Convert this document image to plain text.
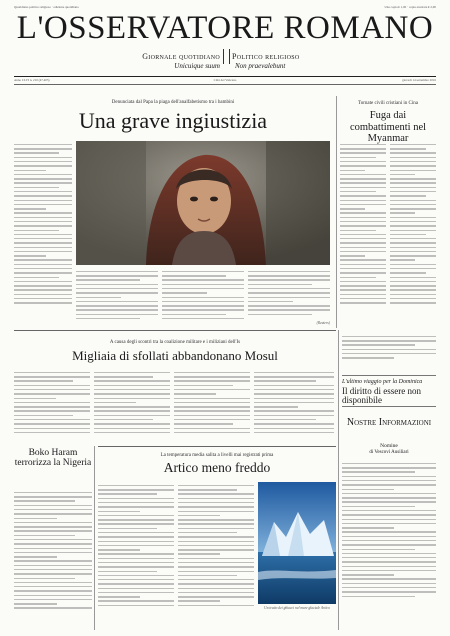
Quotidiano politico religioso · edizione quotidiana	Una copia € 1,00 · copia arretrata € 2,00
L'OSSERVATORE ROMANO
Giornale quotidiano Politico religioso
Unicuique suum Non praevalebunt
Anno CLVI n. 210 (47.405)	Città del Vaticano	giovedì 14 settembre 2016
Denunciata dal Papa la piaga dell'analfabetismo tra i bambini
Una grave ingiustizia
Tornate civili cristiani in Cina
Fuga dai combattimenti nel Myanmar
(Reuters)
A causa degli scontri tra la coalizione militare e i miliziani dell'Is
Migliaia di sfollati abbandonano Mosul
Boko Haram terrorizza la Nigeria
La temperatura media salita a livelli mai registrati prima
Artico meno freddo
Un tratto dei ghiacci nel mare glaciale Artico
L'ultimo viaggio per la Dominica
Il diritto di essere non disponibile
Nostre Informazioni
Nomine
di Vescovi Ausiliari
